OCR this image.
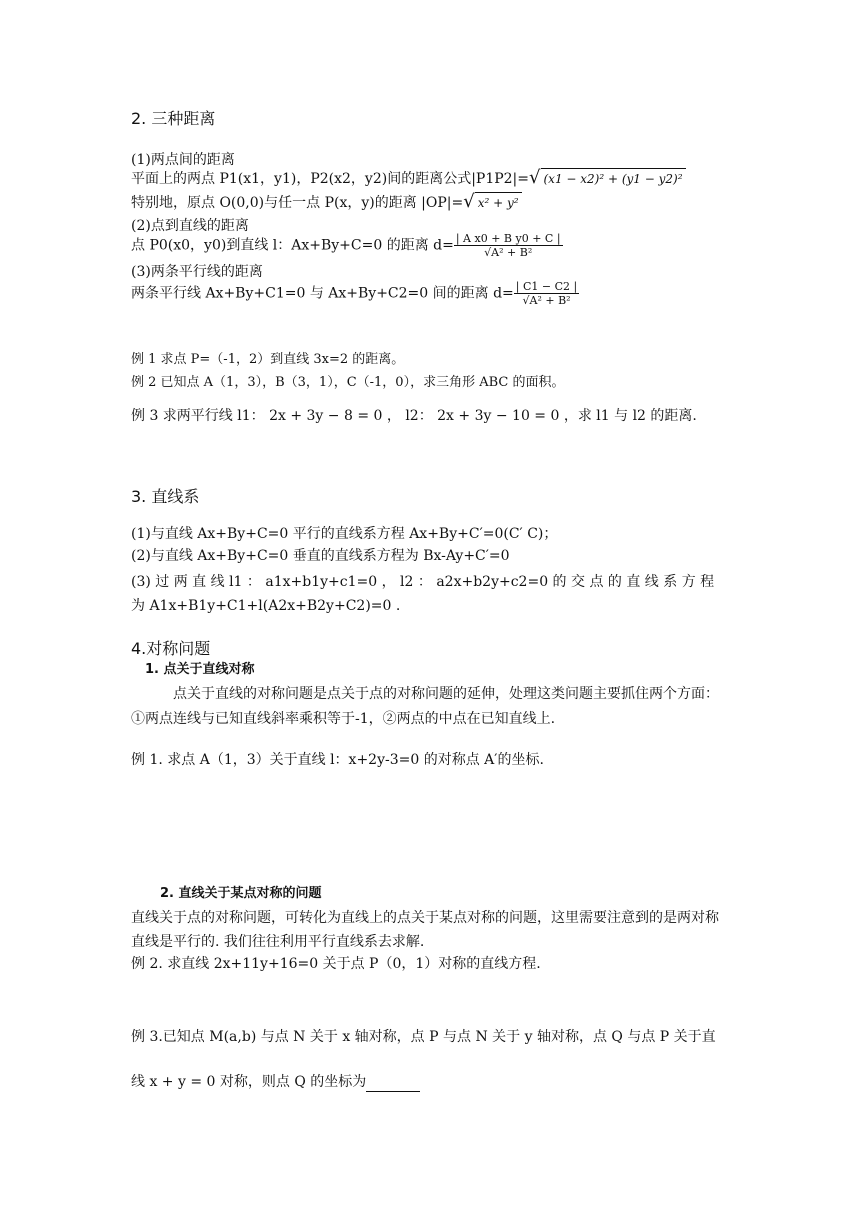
2. 三种距离
(1)两点间的距离
平面上的两点 P1(x1，y1)，P2(x2，y2)间的距离公式|P1P2|=√ (x1 − x2)² + (y1 − y2)²
特别地，原点 O(0,0)与任一点 P(x，y)的距离 |OP|=√ x² + y²
(2)点到直线的距离
点 P0(x0，y0)到直线 l：Ax+By+C=0 的距离 $d= \frac{\text{| A x0 + B y0 + C |}}{\text{√A² + B²}}$
(3)两条平行线的距离
两条平行线 Ax+By+C1=0 与 Ax+By+C2=0 间的距离 $d= \frac{| C1 - C2 |}{\text{√A² + B²}}$
例 1 求点 P=（-1，2）到直线 3x=2 的距离。
例 2 已知点 A（1，3），B（3，1），C（-1，0），求三角形 ABC 的面积。
例 3 求两平行线 l1： 2x + 3y − 8 = 0 ， l2： 2x + 3y − 10 = 0 ，求 l1 与 l2 的距离.
3. 直线系
(1)与直线 Ax+By+C=0 平行的直线系方程 Ax+By+C′=0(C′ C)；
(2)与直线 Ax+By+C=0 垂直的直线系方程为 Bx-Ay+C′=0
(3) 过 两 直 线 l1 ： a1x+b1y+c1=0 ， l2 ： a2x+b2y+c2=0 的 交 点 的 直 线 系 方 程 为 A1x+B1y+C1+l(A2x+B2y+C2)=0 .
4.对称问题
1. 点关于直线对称
点关于直线的对称问题是点关于点的对称问题的延伸，处理这类问题主要抓住两个方面：①两点连线与已知直线斜率乘积等于-1，②两点的中点在已知直线上.
例 1. 求点 A（1，3）关于直线 l：x+2y-3=0 的对称点 A′的坐标.
2. 直线关于某点对称的问题
直线关于点的对称问题，可转化为直线上的点关于某点对称的问题，这里需要注意到的是两对称直线是平行的. 我们往往利用平行直线系去求解.
例 2. 求直线 2x+11y+16=0 关于点 P（0，1）对称的直线方程.
例 3.已知点 M(a,b) 与点 N 关于 x 轴对称，点 P 与点 N 关于 y 轴对称，点 Q 与点 P 关于直
线 x + y = 0 对称，则点 Q 的坐标为
